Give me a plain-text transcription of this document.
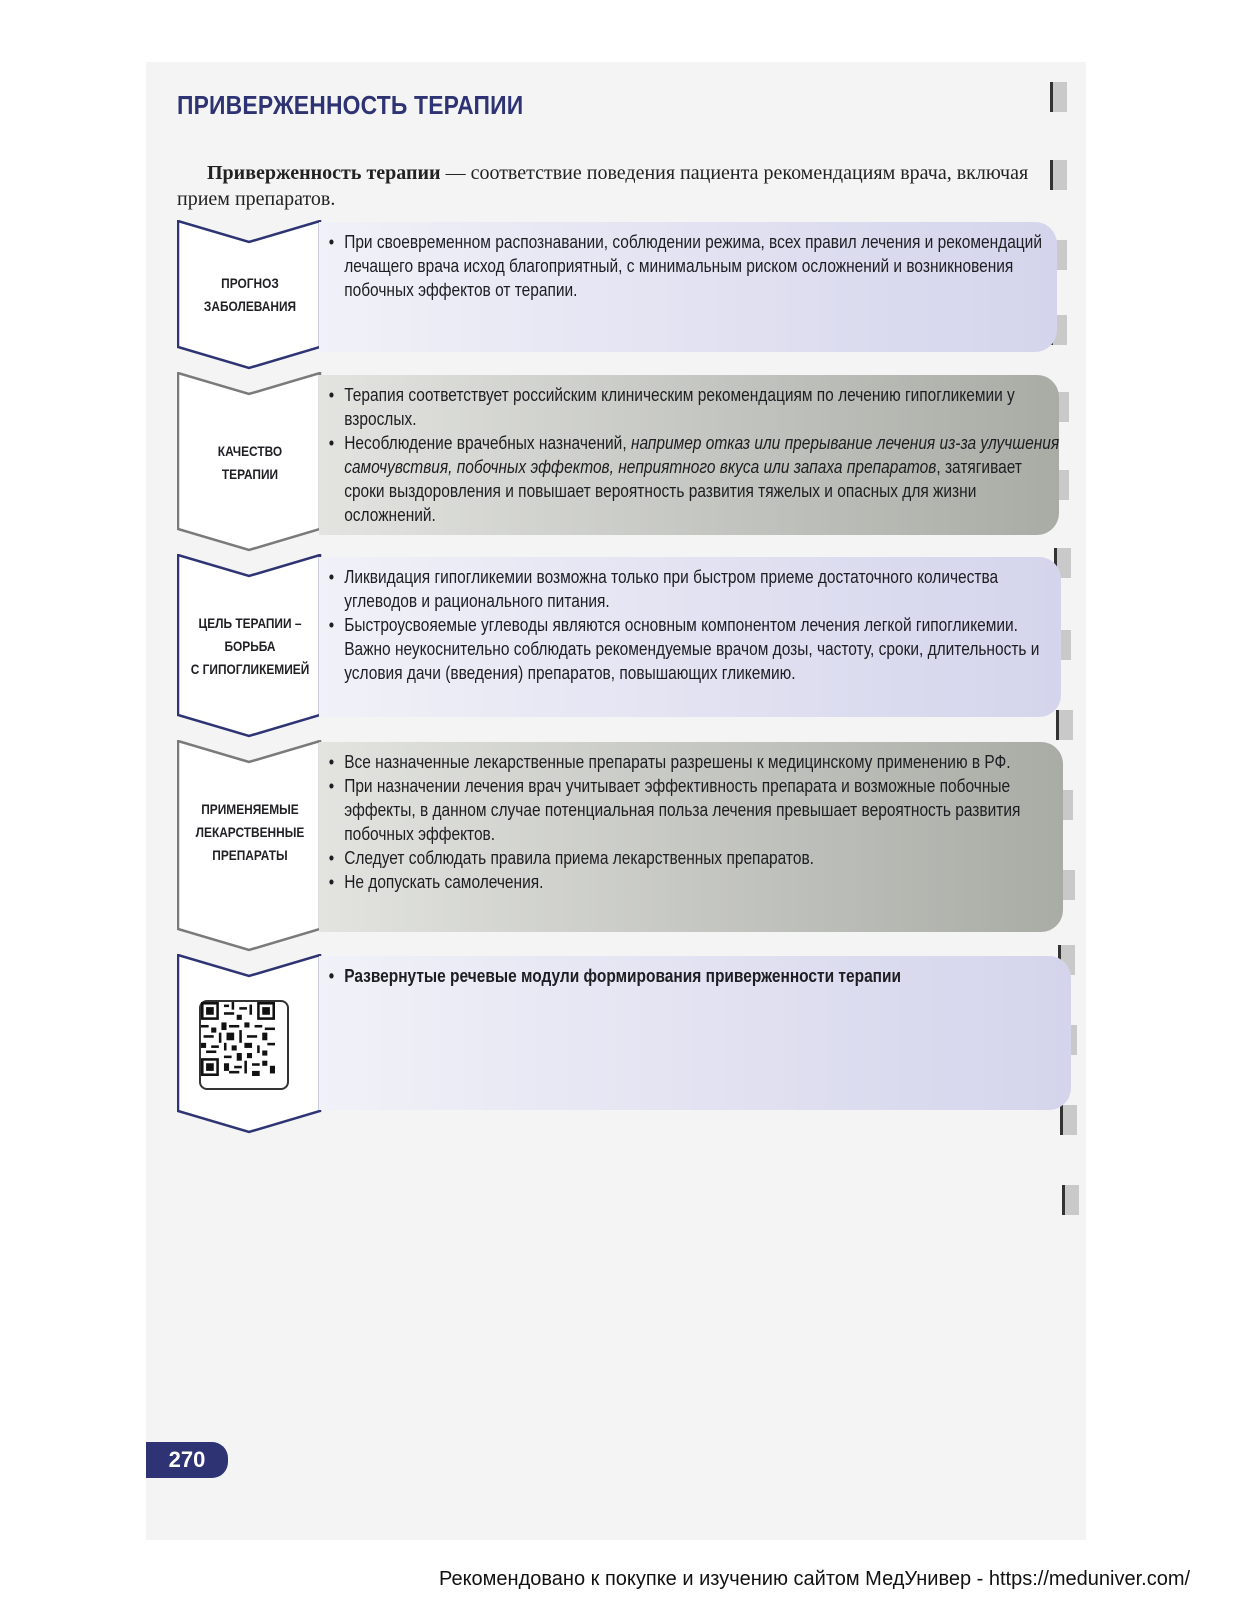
ПРИВЕРЖЕННОСТЬ ТЕРАПИИ
Приверженность терапии — соответствие поведения пациента рекомендациям врача, включая прием препаратов.
ПРОГНОЗ
ЗАБОЛЕВАНИЯ
• При своевременном распознавании, соблюдении режима, всех правил лечения и рекомендаций лечащего врача исход благоприятный, с минимальным риском осложнений и возникновения побочных эффектов от терапии.
КАЧЕСТВО
ТЕРАПИИ
• Терапия соответствует российским клиническим рекомендациям по лечению гипогликемии у взрослых.
• Несоблюдение врачебных назначений, например отказ или прерывание лечения из-за улучшения самочувствия, побочных эффектов, неприятного вкуса или запаха препаратов, затягивает сроки выздоровления и повышает вероятность развития тяжелых и опасных для жизни осложнений.
ЦЕЛЬ ТЕРАПИИ –
БОРЬБА
С ГИПОГЛИКЕМИЕЙ
• Ликвидация гипогликемии возможна только при быстром приеме достаточного количества углеводов и рационального питания.
• Быстроусвояемые углеводы являются основным компонентом лечения легкой гипогликемии. Важно неукоснительно соблюдать рекомендуемые врачом дозы, частоту, сроки, длительность и условия дачи (введения) препаратов, повышающих гликемию.
ПРИМЕНЯЕМЫЕ
ЛЕКАРСТВЕННЫЕ
ПРЕПАРАТЫ
• Все назначенные лекарственные препараты разрешены к медицинскому применению в РФ.
• При назначении лечения врач учитывает эффективность препарата и возможные побочные эффекты, в данном случае потенциальная польза лечения превышает вероятность развития побочных эффектов.
• Следует соблюдать правила приема лекарственных препаратов.
• Не допускать самолечения.
• Развернутые речевые модули формирования приверженности терапии
270
Рекомендовано к покупке и изучению сайтом МедУнивер - https://meduniver.com/
